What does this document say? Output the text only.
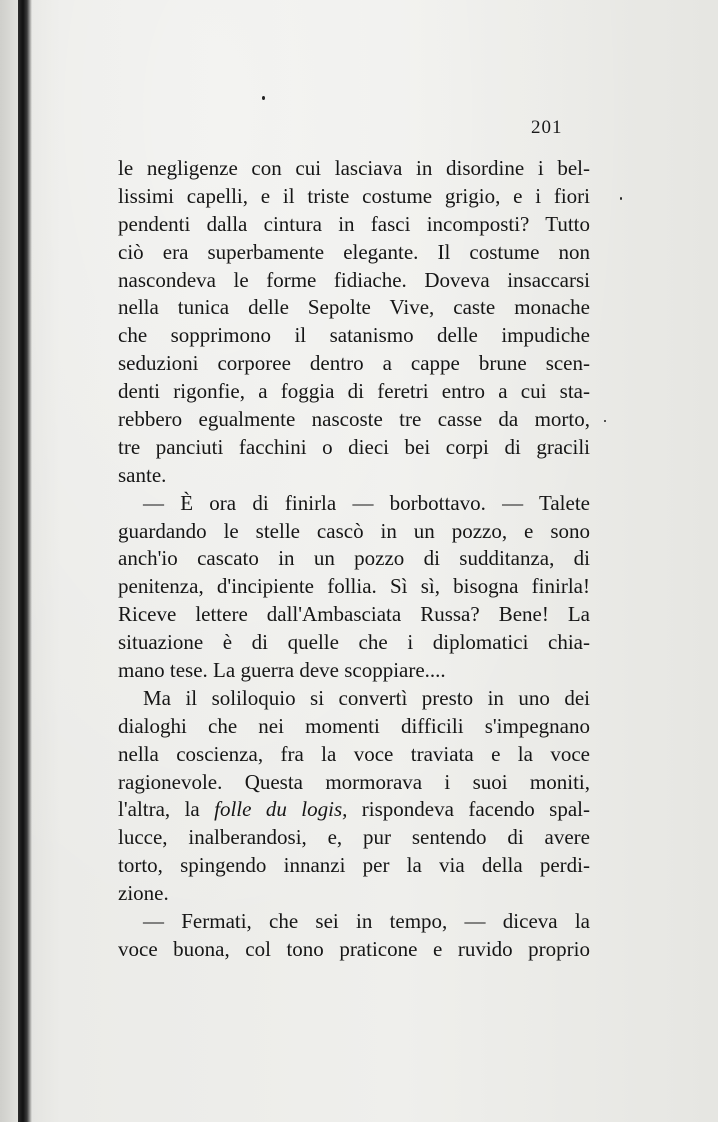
201
le negligenze con cui lasciava in disordine i bel-
lissimi capelli, e il triste costume grigio, e i fiori
pendenti dalla cintura in fasci incomposti? Tutto
ciò era superbamente elegante. Il costume non
nascondeva le forme fidiache. Doveva insaccarsi
nella tunica delle Sepolte Vive, caste monache
che sopprimono il satanismo delle impudiche
seduzioni corporee dentro a cappe brune scen-
denti rigonfie, a foggia di feretri entro a cui sta-
rebbero egualmente nascoste tre casse da morto,
tre panciuti facchini o dieci bei corpi di gracili
sante.
— È ora di finirla — borbottavo. — Talete
guardando le stelle cascò in un pozzo, e sono
anch'io cascato in un pozzo di sudditanza, di
penitenza, d'incipiente follia. Sì sì, bisogna finirla!
Riceve lettere dall'Ambasciata Russa? Bene! La
situazione è di quelle che i diplomatici chia-
mano tese. La guerra deve scoppiare....
Ma il soliloquio si convertì presto in uno dei
dialoghi che nei momenti difficili s'impegnano
nella coscienza, fra la voce traviata e la voce
ragionevole. Questa mormorava i suoi moniti,
l'altra, la folle du logis, rispondeva facendo spal-
lucce, inalberandosi, e, pur sentendo di avere
torto, spingendo innanzi per la via della perdi-
zione.
— Fermati, che sei in tempo, — diceva la
voce buona, col tono praticone e ruvido proprio
